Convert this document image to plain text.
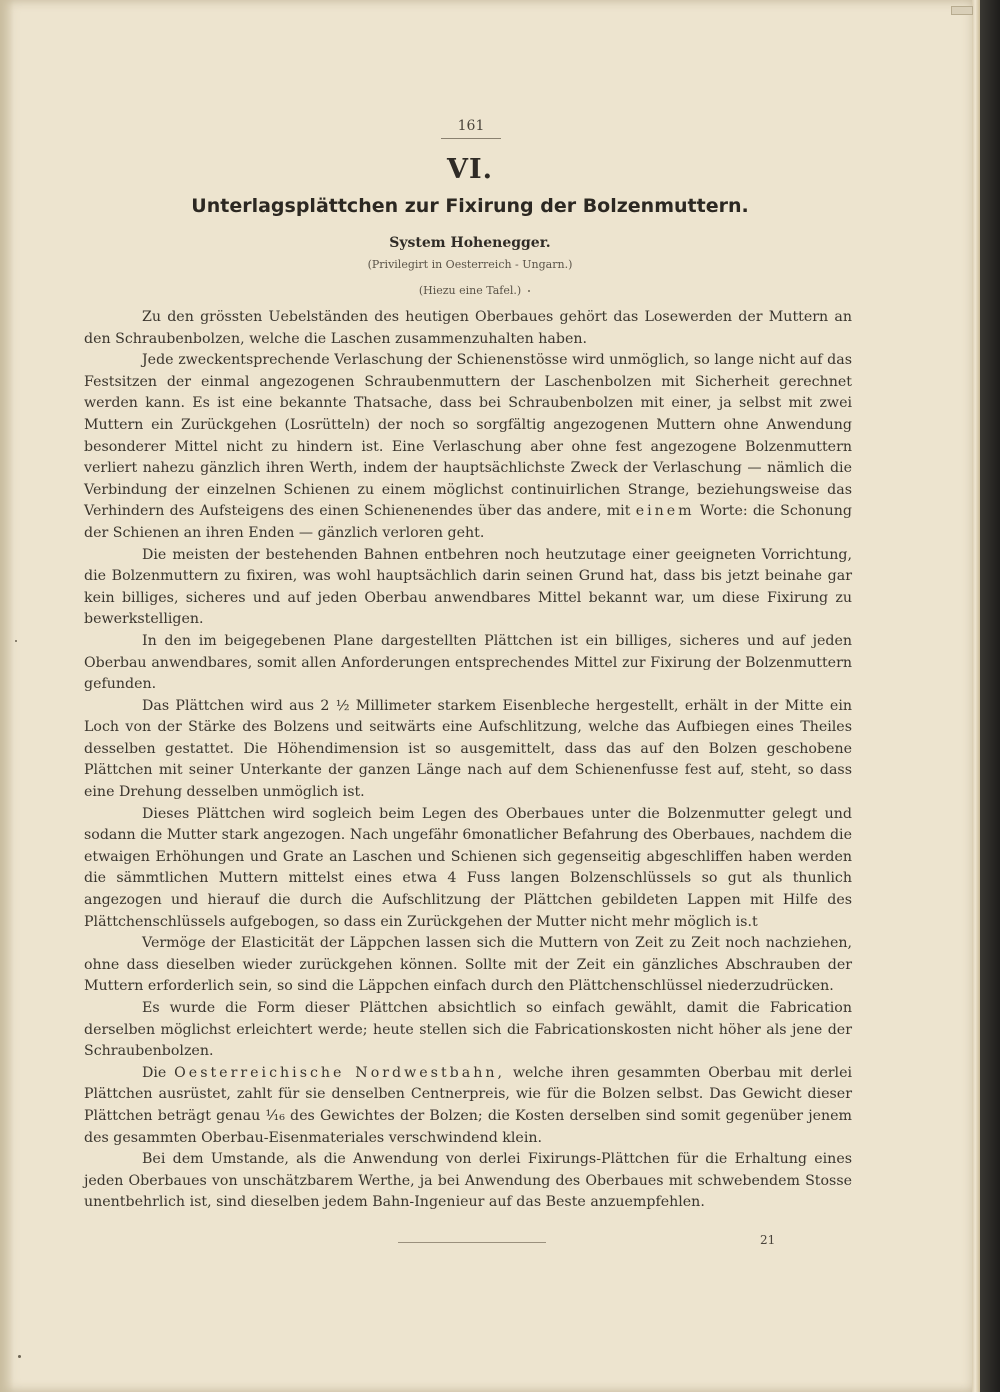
161
VI.
Unterlagsplättchen zur Fixirung der Bolzenmuttern.
System Hohenegger.
(Privilegirt in Oesterreich - Ungarn.)
(Hiezu eine Tafel.)

Zu den grössten Uebelständen des heutigen Oberbaues gehört das Losewerden der Muttern an den Schraubenbolzen, welche die Laschen zusammenzuhalten haben.

Jede zweckentsprechende Verlaschung der Schienenstösse wird unmöglich, so lange nicht auf das Festsitzen der einmal angezogenen Schraubenmuttern der Laschenbolzen mit Sicherheit gerechnet werden kann. Es ist eine bekannte Thatsache, dass bei Schraubenbolzen mit einer, ja selbst mit zwei Muttern ein Zurückgehen (Losrütteln) der noch so sorgfältig angezogenen Muttern ohne Anwendung besonderer Mittel nicht zu hindern ist. Eine Verlaschung aber ohne fest angezogene Bolzenmuttern verliert nahezu gänzlich ihren Werth, indem der hauptsächlichste Zweck der Verlaschung — nämlich die Verbindung der einzelnen Schienen zu einem möglichst continuirlichen Strange, beziehungsweise das Verhindern des Aufsteigens des einen Schienenendes über das andere, mit einem Worte: die Schonung der Schienen an ihren Enden — gänzlich verloren geht.

Die meisten der bestehenden Bahnen entbehren noch heutzutage einer geeigneten Vorrichtung, die Bolzenmuttern zu fixiren, was wohl hauptsächlich darin seinen Grund hat, dass bis jetzt beinahe gar kein billiges, sicheres und auf jeden Oberbau anwendbares Mittel bekannt war, um diese Fixirung zu bewerkstelligen.

In den im beigegebenen Plane dargestellten Plättchen ist ein billiges, sicheres und auf jeden Oberbau anwendbares, somit allen Anforderungen entsprechendes Mittel zur Fixirung der Bolzenmuttern gefunden.

Das Plättchen wird aus 2 ½ Millimeter starkem Eisenbleche hergestellt, erhält in der Mitte ein Loch von der Stärke des Bolzens und seitwärts eine Aufschlitzung, welche das Aufbiegen eines Theiles desselben gestattet. Die Höhendimension ist so ausgemittelt, dass das auf den Bolzen geschobene Plättchen mit seiner Unterkante der ganzen Länge nach auf dem Schienenfusse fest auf, steht, so dass eine Drehung desselben unmöglich ist.

Dieses Plättchen wird sogleich beim Legen des Oberbaues unter die Bolzenmutter gelegt und sodann die Mutter stark angezogen. Nach ungefähr 6monatlicher Befahrung des Oberbaues, nachdem die etwaigen Erhöhungen und Grate an Laschen und Schienen sich gegenseitig abgeschliffen haben werden die sämmtlichen Muttern mittelst eines etwa 4 Fuss langen Bolzenschlüssels so gut als thunlich angezogen und hierauf die durch die Aufschlitzung der Plättchen gebildeten Lappen mit Hilfe des Plättchenschlüssels aufgebogen, so dass ein Zurückgehen der Mutter nicht mehr möglich is.t

Vermöge der Elasticität der Läppchen lassen sich die Muttern von Zeit zu Zeit noch nachziehen, ohne dass dieselben wieder zurückgehen können. Sollte mit der Zeit ein gänzliches Abschrauben der Muttern erforderlich sein, so sind die Läppchen einfach durch den Plättchenschlüssel niederzudrücken.

Es wurde die Form dieser Plättchen absichtlich so einfach gewählt, damit die Fabrication derselben möglichst erleichtert werde; heute stellen sich die Fabricationskosten nicht höher als jene der Schraubenbolzen.

Die Oesterreichische Nordwestbahn, welche ihren gesammten Oberbau mit derlei Plättchen ausrüstet, zahlt für sie denselben Centnerpreis, wie für die Bolzen selbst. Das Gewicht dieser Plättchen beträgt genau ¹⁄₁₆ des Gewichtes der Bolzen; die Kosten derselben sind somit gegenüber jenem des gesammten Oberbau-Eisenmateriales verschwindend klein.

Bei dem Umstande, als die Anwendung von derlei Fixirungs-Plättchen für die Erhaltung eines jeden Oberbaues von unschätzbarem Werthe, ja bei Anwendung des Oberbaues mit schwebendem Stosse unentbehrlich ist, sind dieselben jedem Bahn-Ingenieur auf das Beste anzuempfehlen.

21
